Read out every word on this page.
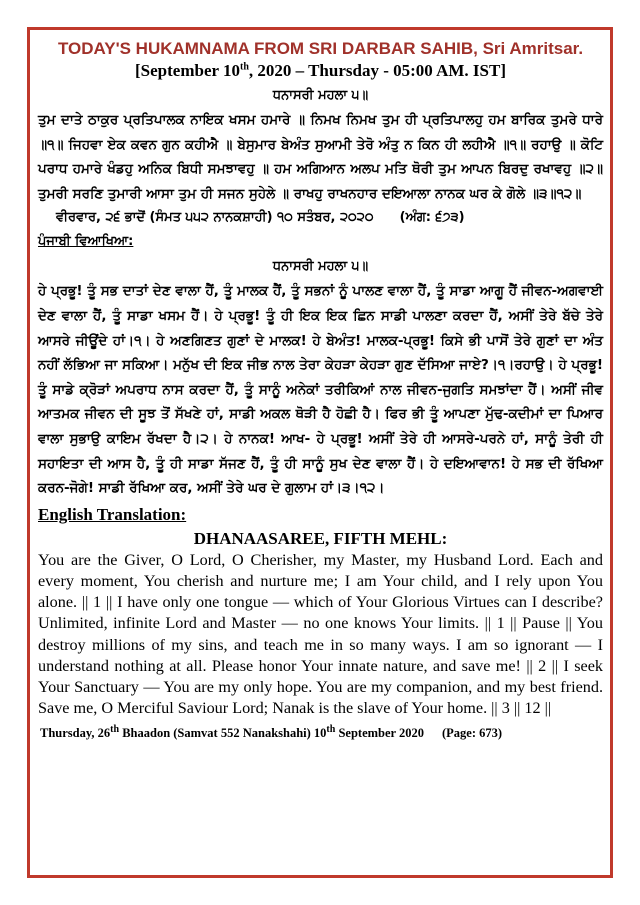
TODAY'S HUKAMNAMA FROM SRI DARBAR SAHIB, Sri Amritsar.
[September 10th, 2020 – Thursday - 05:00 AM. IST]
ਧਨਾਸਰੀ ਮਹਲਾ ੫॥

ਤੁਮ ਦਾਤੇ ਠਾਕੁਰ ਪ੍ਰਤਿਪਾਲਕ ਨਾਇਕ ਖਸਮ ਹਮਾਰੇ ॥ ਨਿਮਖ ਨਿਮਖ ਤੁਮ ਹੀ ਪ੍ਰਤਿਪਾਲਹੁ ਹਮ ਬਾਰਿਕ ਤੁਮਰੇ ਧਾਰੇ ॥੧॥ ਜਿਹਵਾ ਏਕ ਕਵਨ ਗੁਨ ਕਹੀਐ ॥ ਬੇਸੁਮਾਰ ਬੇਅੰਤ ਸੁਆਮੀ ਤੇਰੋ ਅੰਤੁ ਨ ਕਿਨ ਹੀ ਲਹੀਐ ॥੧॥ ਰਹਾਉ ॥ ਕੋਟਿ ਪਰਾਧ ਹਮਾਰੇ ਖੰਡਹੁ ਅਨਿਕ ਬਿਧੀ ਸਮਝਾਵਹੁ ॥ ਹਮ ਅਗਿਆਨ ਅਲਪ ਮਤਿ ਥੋਰੀ ਤੁਮ ਆਪਨ ਬਿਰਦੁ ਰਖਾਵਹੁ ॥੨॥ ਤੁਮਰੀ ਸਰਣਿ ਤੁਮਾਰੀ ਆਸਾ ਤੁਮ ਹੀ ਸਜਨ ਸੁਹੇਲੇ ॥ ਰਾਖਹੁ ਰਾਖਨਹਾਰ ਦਇਆਲਾ ਨਾਨਕ ਘਰ ਕੇ ਗੋਲੇ ॥੩॥੧੨॥

ਵੀਰਵਾਰ, ੨੬ ਭਾਦੋਂ (ਸੰਮਤ ੫੫੨ ਨਾਨਕਸ਼ਾਹੀ) ੧੦ ਸਤੰਬਰ, ੨੦੨੦ (ਅੰਗ: ੬੭੩)
ਪੰਜਾਬੀ ਵਿਆਖਿਆ:
ਧਨਾਸਰੀ ਮਹਲਾ ੫॥

ਹੇ ਪ੍ਰਭੂ! ਤੂੰ ਸਭ ਦਾਤਾਂ ਦੇਣ ਵਾਲਾ ਹੈਂ, ਤੂੰ ਮਾਲਕ ਹੈਂ, ਤੂੰ ਸਭਨਾਂ ਨੂੰ ਪਾਲਣ ਵਾਲਾ ਹੈਂ, ਤੂੰ ਸਾਡਾ ਆਗੂ ਹੈਂ ਜੀਵਨ-ਅਗਵਾਈ ਦੇਣ ਵਾਲਾ ਹੈਂ, ਤੂੰ ਸਾਡਾ ਖਸਮ ਹੈਂ। ਹੇ ਪ੍ਰਭੂ! ਤੂੰ ਹੀ ਇਕ ਇਕ ਛਿਨ ਸਾਡੀ ਪਾਲਣਾ ਕਰਦਾ ਹੈਂ, ਅਸੀਂ ਤੇਰੇ ਬੱਚੇ ਤੇਰੇ ਆਸਰੇ ਜੀਊਂਦੇ ਹਾਂ।੧। ਹੇ ਅਣਗਿਣਤ ਗੁਣਾਂ ਦੇ ਮਾਲਕ! ਹੇ ਬੇਅੰਤ! ਮਾਲਕ-ਪ੍ਰਭੂ! ਕਿਸੇ ਭੀ ਪਾਸੋਂ ਤੇਰੇ ਗੁਣਾਂ ਦਾ ਅੰਤ ਨਹੀਂ ਲੱਭਿਆ ਜਾ ਸਕਿਆ। ਮਨੁੱਖ ਦੀ ਇਕ ਜੀਭ ਨਾਲ ਤੇਰਾ ਕੇਹੜਾ ਕੇਹੜਾ ਗੁਣ ਦੱਸਿਆ ਜਾਏ?।੧।ਰਹਾਉ। ਹੇ ਪ੍ਰਭੂ! ਤੂੰ ਸਾਡੇ ਕ੍ਰੋੜਾਂ ਅਪਰਾਧ ਨਾਸ ਕਰਦਾ ਹੈਂ, ਤੂੰ ਸਾਨੂੰ ਅਨੇਕਾਂ ਤਰੀਕਿਆਂ ਨਾਲ ਜੀਵਨ-ਜੁਗਤਿ ਸਮਝਾਂਦਾ ਹੈਂ। ਅਸੀਂ ਜੀਵ ਆਤਮਕ ਜੀਵਨ ਦੀ ਸੂਝ ਤੋਂ ਸੱਖਣੇ ਹਾਂ, ਸਾਡੀ ਅਕਲ ਥੋੜੀ ਹੈ ਹੋਛੀ ਹੈ। ਫਿਰ ਭੀ ਤੂੰ ਆਪਣਾ ਮੁੱਢ-ਕਦੀਮਾਂ ਦਾ ਪਿਆਰ ਵਾਲਾ ਸੁਭਾਉ ਕਾਇਮ ਰੱਖਦਾ ਹੈ।੨। ਹੇ ਨਾਨਕ! ਆਖ- ਹੇ ਪ੍ਰਭੂ! ਅਸੀਂ ਤੇਰੇ ਹੀ ਆਸਰੇ-ਪਰਨੇ ਹਾਂ, ਸਾਨੂੰ ਤੇਰੀ ਹੀ ਸਹਾਇਤਾ ਦੀ ਆਸ ਹੈ, ਤੂੰ ਹੀ ਸਾਡਾ ਸੱਜਣ ਹੈਂ, ਤੂੰ ਹੀ ਸਾਨੂੰ ਸੁਖ ਦੇਣ ਵਾਲਾ ਹੈਂ। ਹੇ ਦਇਆਵਾਨ! ਹੇ ਸਭ ਦੀ ਰੱਖਿਆ ਕਰਨ-ਜੋਗੇ! ਸਾਡੀ ਰੱਖਿਆ ਕਰ, ਅਸੀਂ ਤੇਰੇ ਘਰ ਦੇ ਗੁਲਾਮ ਹਾਂ।੩।੧੨।

English Translation:
DHANAASAREE, FIFTH MEHL:

You are the Giver, O Lord, O Cherisher, my Master, my Husband Lord. Each and every moment, You cherish and nurture me; I am Your child, and I rely upon You alone. || 1 || I have only one tongue — which of Your Glorious Virtues can I describe? Unlimited, infinite Lord and Master — no one knows Your limits. || 1 || Pause || You destroy millions of my sins, and teach me in so many ways. I am so ignorant — I understand nothing at all. Please honor Your innate nature, and save me! || 2 || I seek Your Sanctuary — You are my only hope. You are my companion, and my best friend. Save me, O Merciful Saviour Lord; Nanak is the slave of Your home. || 3 || 12 ||

Thursday, 26th Bhaadon (Samvat 552 Nanakshahi) 10th September 2020 (Page: 673)
